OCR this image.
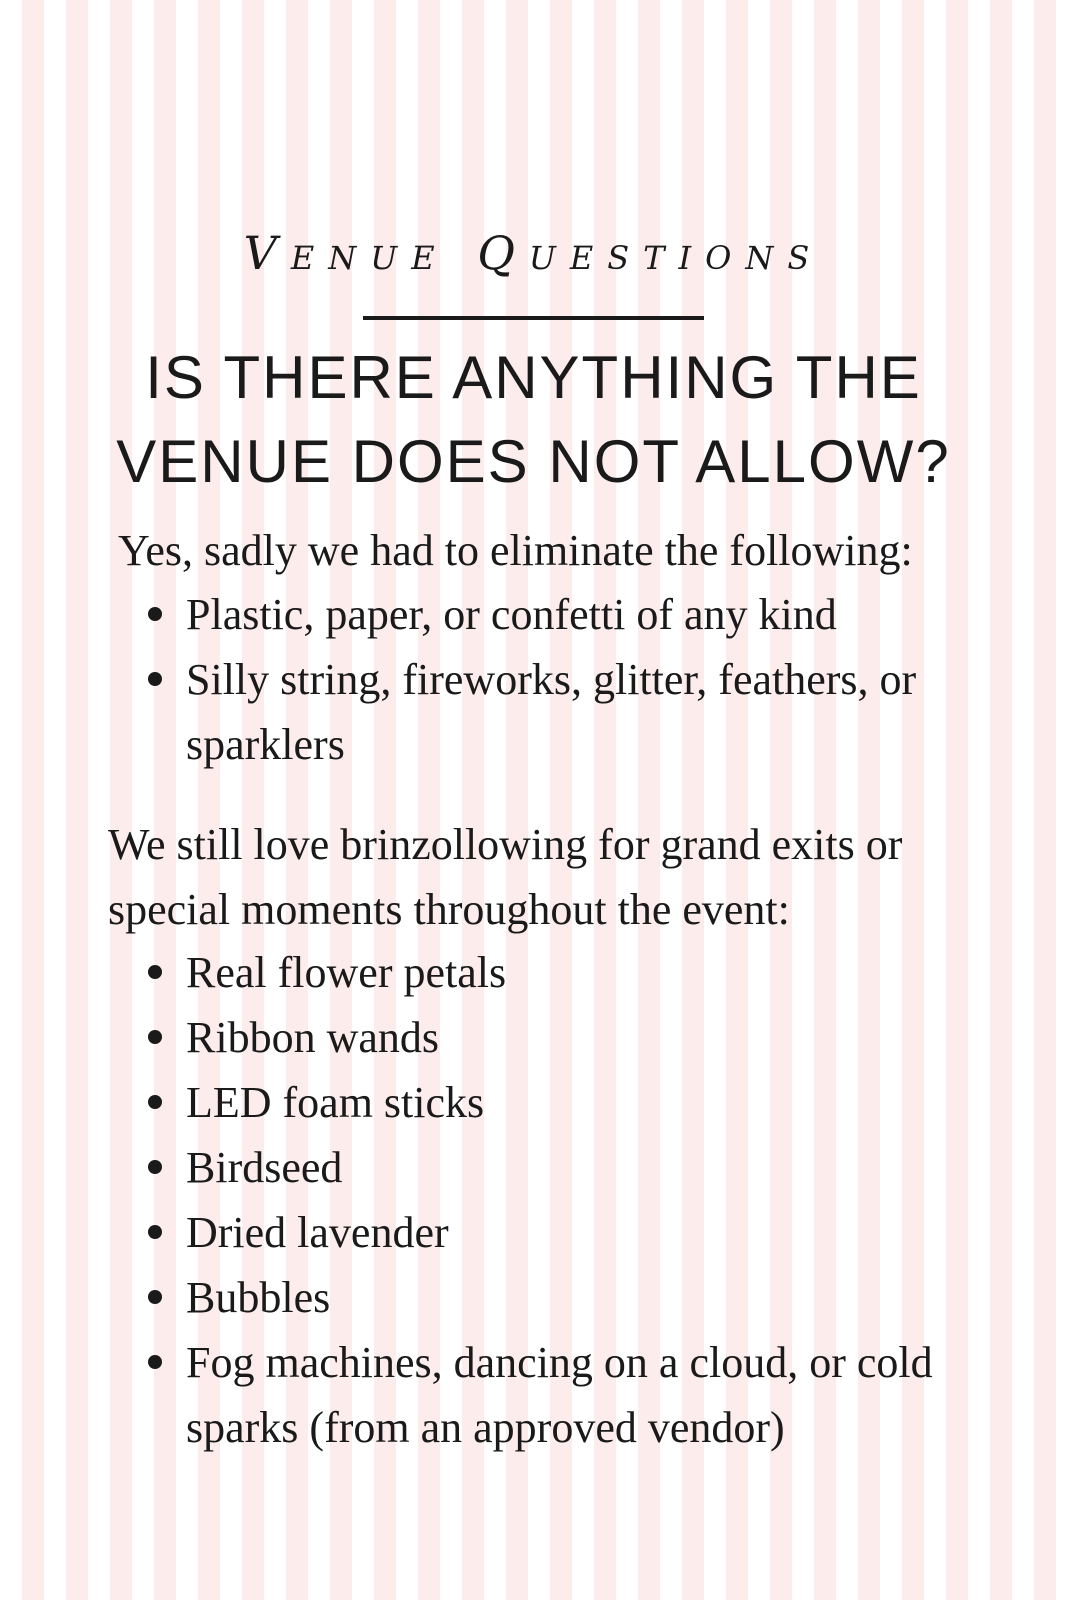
Venue Questions
IS THERE ANYTHING THE
VENUE DOES NOT ALLOW?

Yes, sadly we had to eliminate the following:

Plastic, paper, or confetti of any kind
Silly string, fireworks, glitter, feathers, or sparklers

We still love brinzollowing for grand exits or special moments throughout the event:

Real flower petals
Ribbon wands
LED foam sticks
Birdseed
Dried lavender
Bubbles
Fog machines, dancing on a cloud, or cold sparks (from an approved vendor)
